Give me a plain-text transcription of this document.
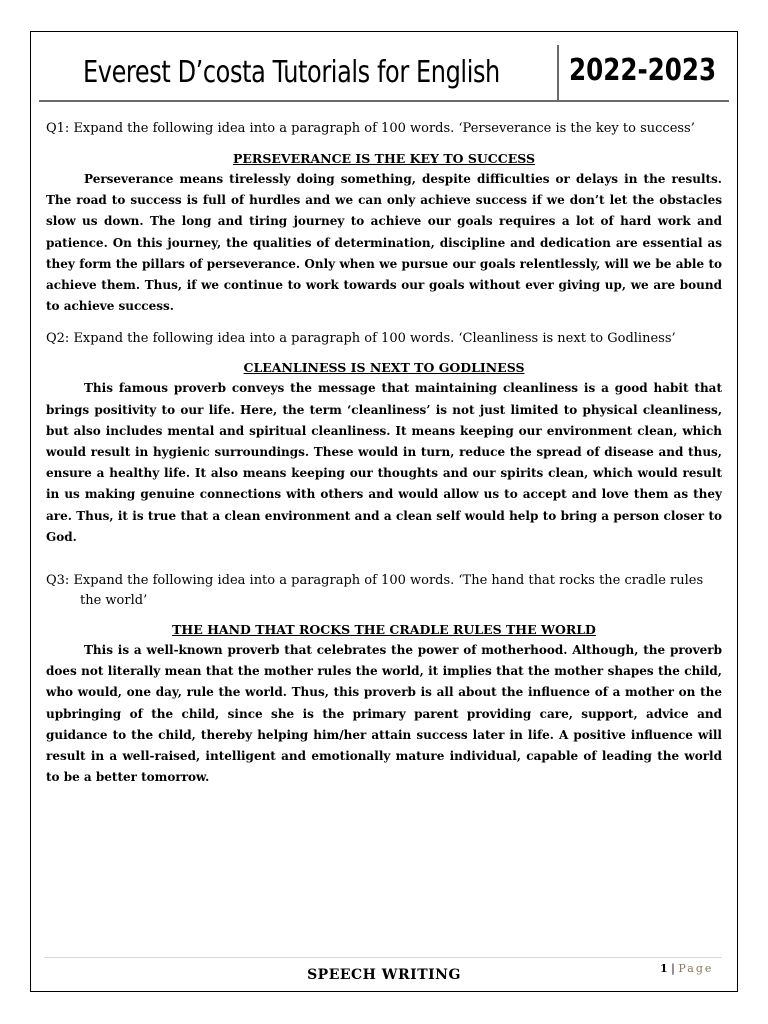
Everest D’costa Tutorials for English 2022-2023

Q1: Expand the following idea into a paragraph of 100 words. ‘Perseverance is the key to success’

PERSEVERANCE IS THE KEY TO SUCCESS

Perseverance means tirelessly doing something, despite difficulties or delays in the results. The road to success is full of hurdles and we can only achieve success if we don’t let the obstacles slow us down. The long and tiring journey to achieve our goals requires a lot of hard work and patience. On this journey, the qualities of determination, discipline and dedication are essential as they form the pillars of perseverance. Only when we pursue our goals relentlessly, will we be able to achieve them. Thus, if we continue to work towards our goals without ever giving up, we are bound to achieve success.

Q2: Expand the following idea into a paragraph of 100 words. ‘Cleanliness is next to Godliness’

CLEANLINESS IS NEXT TO GODLINESS

This famous proverb conveys the message that maintaining cleanliness is a good habit that brings positivity to our life. Here, the term ‘cleanliness’ is not just limited to physical cleanliness, but also includes mental and spiritual cleanliness. It means keeping our environment clean, which would result in hygienic surroundings. These would in turn, reduce the spread of disease and thus, ensure a healthy life. It also means keeping our thoughts and our spirits clean, which would result in us making genuine connections with others and would allow us to accept and love them as they are. Thus, it is true that a clean environment and a clean self would help to bring a person closer to God.

Q3: Expand the following idea into a paragraph of 100 words. ‘The hand that rocks the cradle rules the world’

THE HAND THAT ROCKS THE CRADLE RULES THE WORLD

This is a well-known proverb that celebrates the power of motherhood. Although, the proverb does not literally mean that the mother rules the world, it implies that the mother shapes the child, who would, one day, rule the world. Thus, this proverb is all about the influence of a mother on the upbringing of the child, since she is the primary parent providing care, support, advice and guidance to the child, thereby helping him/her attain success later in life. A positive influence will result in a well-raised, intelligent and emotionally mature individual, capable of leading the world to be a better tomorrow.

SPEECH WRITING	1 | Page
